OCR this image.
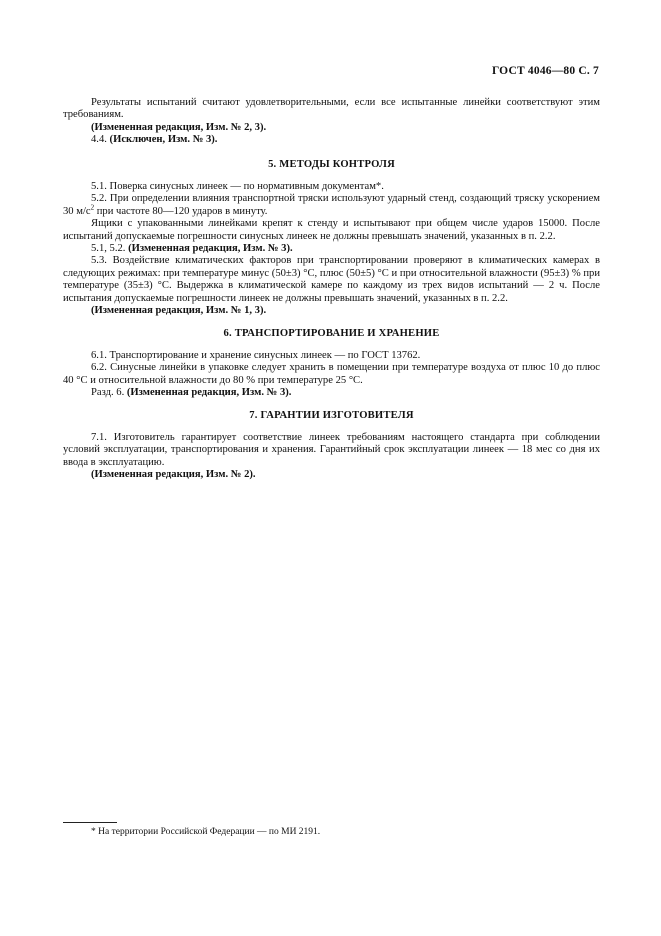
ГОСТ 4046—80 С. 7

Результаты испытаний считают удовлетворительными, если все испытанные линейки соответствуют этим требованиям.

(Измененная редакция, Изм. № 2, 3).

4.4. (Исключен, Изм. № 3).

5. МЕТОДЫ КОНТРОЛЯ

5.1. Поверка синусных линеек — по нормативным документам*.

5.2. При определении влияния транспортной тряски используют ударный стенд, создающий тряску ускорением 30 $м/с^2$ при частоте 80—120 ударов в минуту.

Ящики с упакованными линейками крепят к стенду и испытывают при общем числе ударов 15000. После испытаний допускаемые погрешности синусных линеек не должны превышать значений, указанных в п. 2.2.

5.1, 5.2. (Измененная редакция, Изм. № 3).

5.3. Воздействие климатических факторов при транспортировании проверяют в климатических камерах в следующих режимах: при температуре минус (50±3) °С, плюс (50±5) °С и при относительной влажности (95±3) % при температуре (35±3) °С. Выдержка в климатической камере по каждому из трех видов испытаний — 2 ч. После испытания допускаемые погрешности линеек не должны превышать значений, указанных в п. 2.2.

(Измененная редакция, Изм. № 1, 3).

6. ТРАНСПОРТИРОВАНИЕ И ХРАНЕНИЕ

6.1. Транспортирование и хранение синусных линеек — по ГОСТ 13762.

6.2. Синусные линейки в упаковке следует хранить в помещении при температуре воздуха от плюс 10 до плюс 40 °С и относительной влажности до 80 % при температуре 25 °С.

Разд. 6. (Измененная редакция, Изм. № 3).

7. ГАРАНТИИ ИЗГОТОВИТЕЛЯ

7.1. Изготовитель гарантирует соответствие линеек требованиям настоящего стандарта при соблюдении условий эксплуатации, транспортирования и хранения. Гарантийный срок эксплуатации линеек — 18 мес со дня их ввода в эксплуатацию.

(Измененная редакция, Изм. № 2).

* На территории Российской Федерации — по МИ 2191.
